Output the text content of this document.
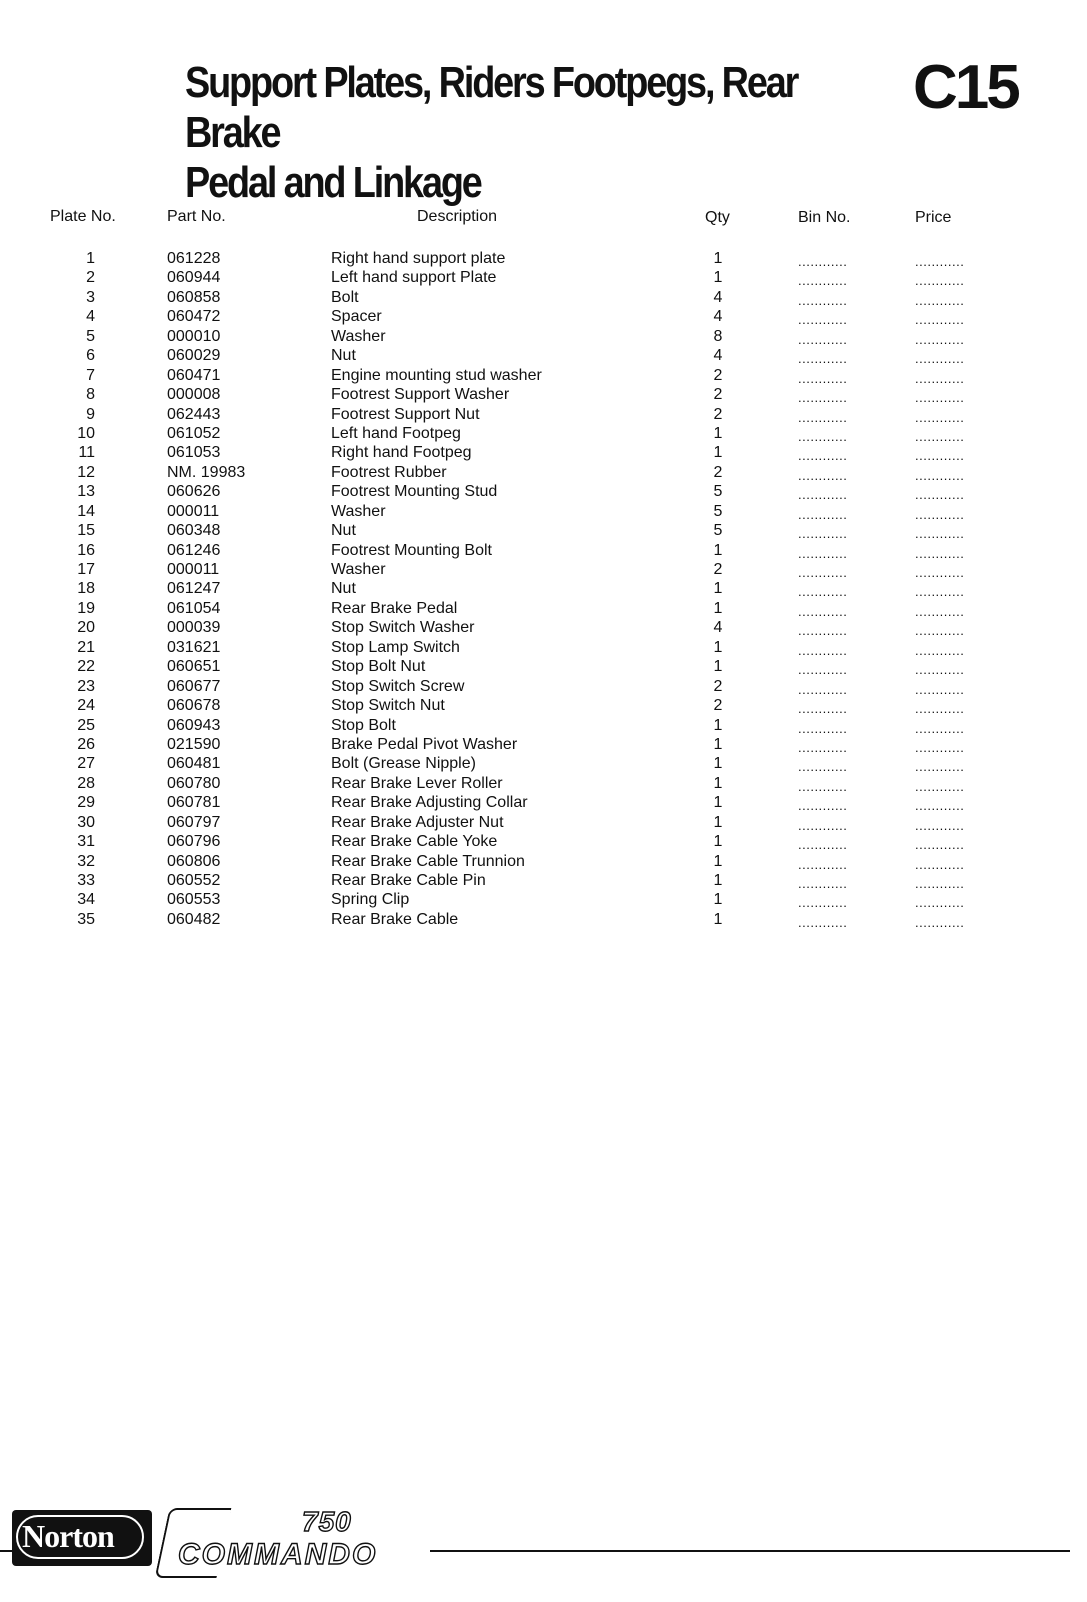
Support Plates, Riders Footpegs, Rear Brake
Pedal and Linkage
C15
Plate No.	Part No.	Description	Qty	Bin No.	Price
1	061228	Right hand support plate	1	............	............
2	060944	Left hand support Plate	1	............	............
3	060858	Bolt	4	............	............
4	060472	Spacer	4	............	............
5	000010	Washer	8	............	............
6	060029	Nut	4	............	............
7	060471	Engine mounting stud washer	2	............	............
8	000008	Footrest Support Washer	2	............	............
9	062443	Footrest Support Nut	2	............	............
10	061052	Left hand Footpeg	1	............	............
11	061053	Right hand Footpeg	1	............	............
12	NM. 19983	Footrest Rubber	2	............	............
13	060626	Footrest Mounting Stud	5	............	............
14	000011	Washer	5	............	............
15	060348	Nut	5	............	............
16	061246	Footrest Mounting Bolt	1	............	............
17	000011	Washer	2	............	............
18	061247	Nut	1	............	............
19	061054	Rear Brake Pedal	1	............	............
20	000039	Stop Switch Washer	4	............	............
21	031621	Stop Lamp Switch	1	............	............
22	060651	Stop Bolt Nut	1	............	............
23	060677	Stop Switch Screw	2	............	............
24	060678	Stop Switch Nut	2	............	............
25	060943	Stop Bolt	1	............	............
26	021590	Brake Pedal Pivot Washer	1	............	............
27	060481	Bolt (Grease Nipple)	1	............	............
28	060780	Rear Brake Lever Roller	1	............	............
29	060781	Rear Brake Adjusting Collar	1	............	............
30	060797	Rear Brake Adjuster Nut	1	............	............
31	060796	Rear Brake Cable Yoke	1	............	............
32	060806	Rear Brake Cable Trunnion	1	............	............
33	060552	Rear Brake Cable Pin	1	............	............
34	060553	Spring Clip	1	............	............
35	060482	Rear Brake Cable	1	............	............
Norton	750
COMMANDO
